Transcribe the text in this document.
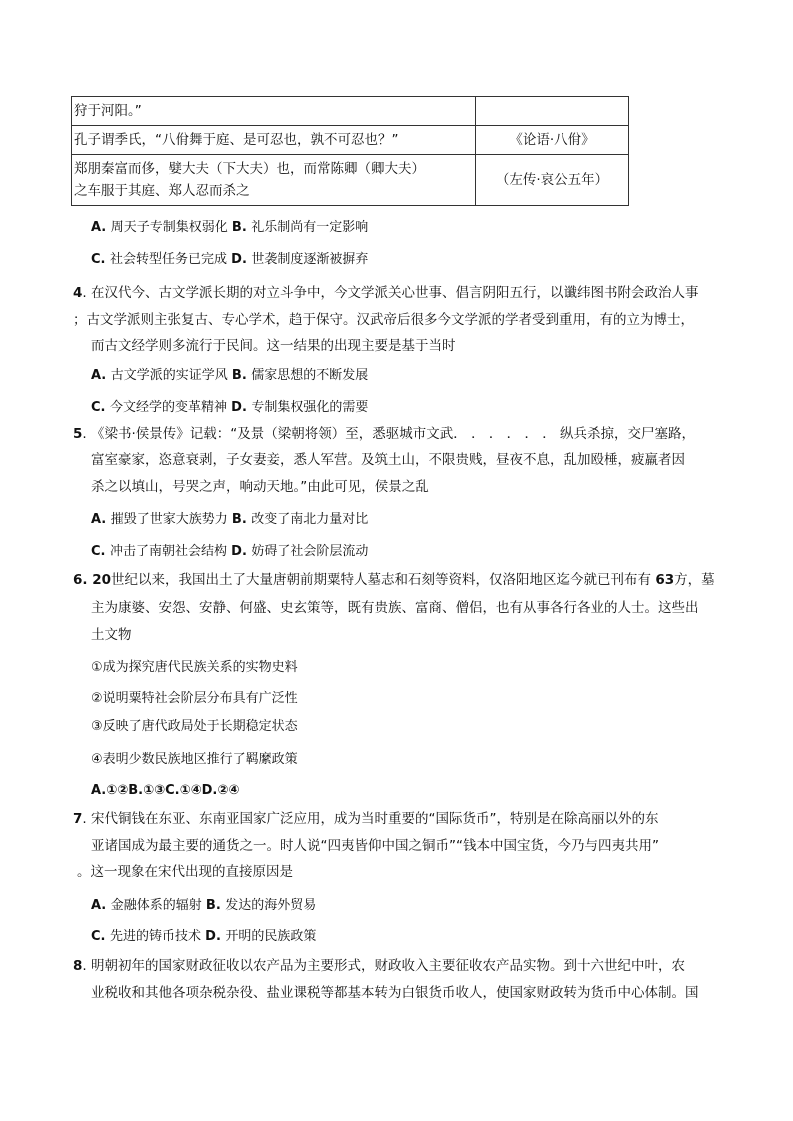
狩于河阳。”	
孔子谓季氏，“八佾舞于庭、是可忍也，孰不可忍也？”	《论语·八佾》

郑朋秦富而侈，嬖大夫（下大夫）也，而常陈卿（卿大夫）
之车服于其庭、郑人忍而杀之	（左传·哀公五年）
A. 周天子专制集权弱化 B. 礼乐制尚有一定影响
C. 社会转型任务已完成 D. 世袭制度逐渐被摒弃
4. 在汉代今、古文学派长期的对立斗争中，今文学派关心世事、倡言阴阳五行，以谶纬图书附会政治人事
；古文学派则主张复古、专心学术，趋于保守。汉武帝后很多今文学派的学者受到重用，有的立为博士，
而古文经学则多流行于民间。这一结果的出现主要是基于当时
A. 古文学派的实证学风 B. 儒家思想的不断发展
C. 今文经学的变革精神 D. 专制集权强化的需要
5. 《梁书·侯景传》记载：“及景（梁朝将领）至，悉驱城市文武． ． ． ． ． ． 纵兵杀掠，交尸塞路，
富室豪家，恣意衰剥，子女妻妾，悉人军营。及筑土山，不限贵贱，昼夜不息，乱加殴棰，疲羸者因
杀之以填山，号哭之声，响动天地。”由此可见，侯景之乱
A. 摧毁了世家大族势力 B. 改变了南北力量对比
C. 冲击了南朝社会结构 D. 妨碍了社会阶层流动
6. 20世纪以来，我国出土了大量唐朝前期粟特人墓志和石刻等资料，仅洛阳地区迄今就已刊布有 63方，墓
主为康婆、安怨、安静、何盛、史玄策等，既有贵族、富商、僧侣，也有从事各行各业的人士。这些出
土文物
①成为探究唐代民族关系的实物史料
②说明粟特社会阶层分布具有广泛性
③反映了唐代政局处于长期稳定状态
④表明少数民族地区推行了羁縻政策
A.①②B.①③C.①④D.②④
7. 宋代铜钱在东亚、东南亚国家广泛应用，成为当时重要的“国际货币”，特别是在除高丽以外的东
亚诸国成为最主要的通货之一。时人说“四夷皆仰中国之铜币”“钱本中国宝货，今乃与四夷共用”
。这一现象在宋代出现的直接原因是
A. 金融体系的辐射 B. 发达的海外贸易
C. 先进的铸币技术 D. 开明的民族政策
8. 明朝初年的国家财政征收以农产品为主要形式，财政收入主要征收农产品实物。到十六世纪中叶，农
业税收和其他各项杂税杂役、盐业课税等都基本转为白银货币收人，使国家财政转为货币中心体制。国
